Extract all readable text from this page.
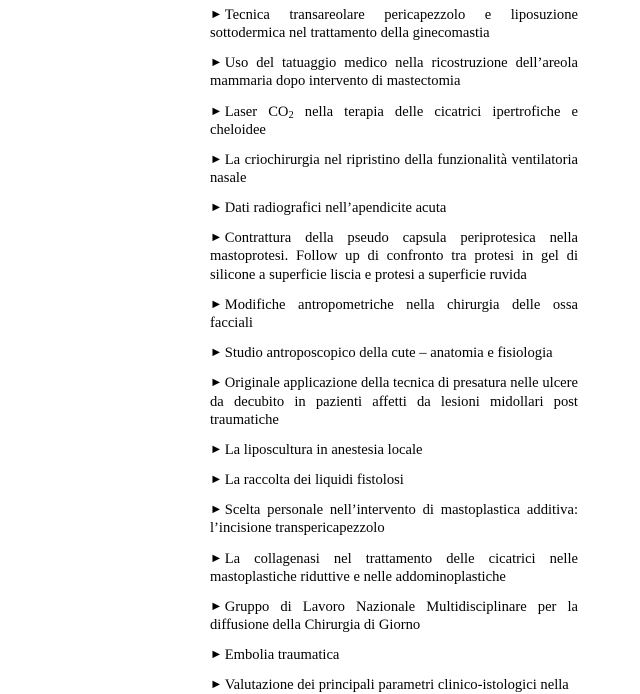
► Tecnica transareolare pericapezzolo e liposuzione sottodermica nel trattamento della ginecomastia

► Uso del tatuaggio medico nella ricostruzione dell’areola mammaria dopo intervento di mastectomia

► Laser $CO_2$ nella terapia delle cicatrici ipertrofiche e cheloidee

► La criochirurgia nel ripristino della funzionalità ventilatoria nasale

► Dati radiografici nell’apendicite acuta

► Contrattura della pseudo capsula periprotesica nella mastoprotesi. Follow up di confronto tra protesi in gel di silicone a superficie liscia e protesi a superficie ruvida

► Modifiche antropometriche nella chirurgia delle ossa facciali

► Studio antroposcopico della cute – anatomia e fisiologia

► Originale applicazione della tecnica di presatura nelle ulcere da decubito in pazienti affetti da lesioni midollari post traumatiche

► La liposcultura in anestesia locale

► La raccolta dei liquidi fistolosi

► Scelta personale nell’intervento di mastoplastica additiva: l’incisione transpericapezzolo

► La collagenasi nel trattamento delle cicatrici nelle mastoplastiche riduttive e nelle addominoplastiche

► Gruppo di Lavoro Nazionale Multidisciplinare per la diffusione della Chirurgia di Giorno

► Embolia traumatica

► Valutazione dei principali parametri clinico-istologici nella
